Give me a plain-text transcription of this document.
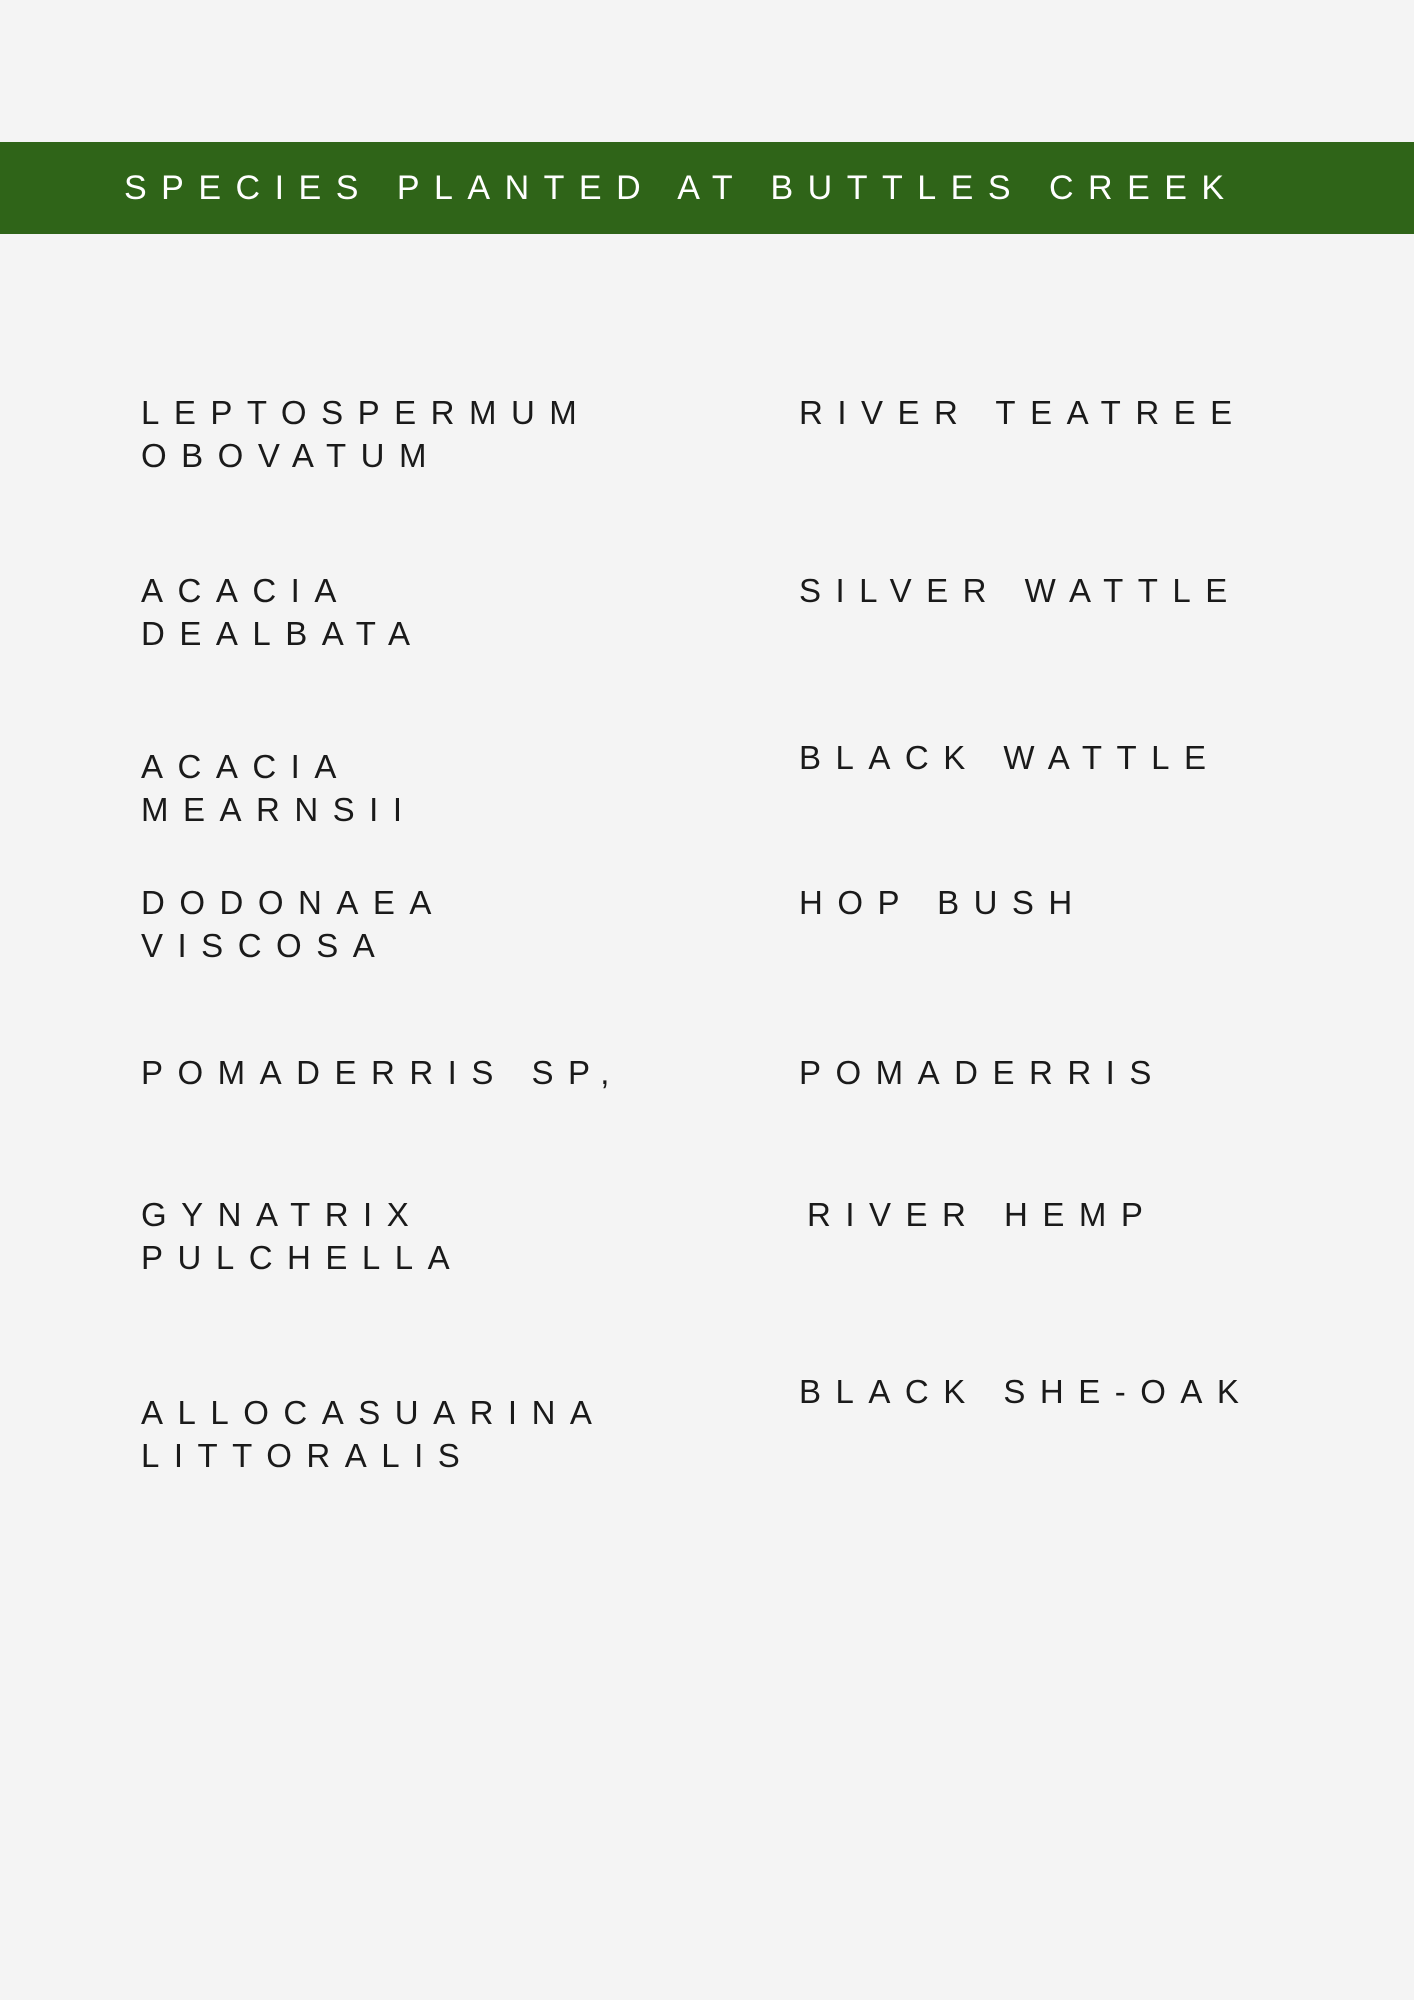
SPECIES PLANTED AT BUTTLES CREEK
LEPTOSPERMUM
OBOVATUM
RIVER TEATREE
ACACIA
DEALBATA
SILVER WATTLE
ACACIA
MEARNSII
BLACK WATTLE
DODONAEA
VISCOSA
HOP BUSH
POMADERRIS SP,	POMADERRIS
GYNATRIX
PULCHELLA
RIVER HEMP
ALLOCASUARINA
LITTORALIS
BLACK SHE-OAK
